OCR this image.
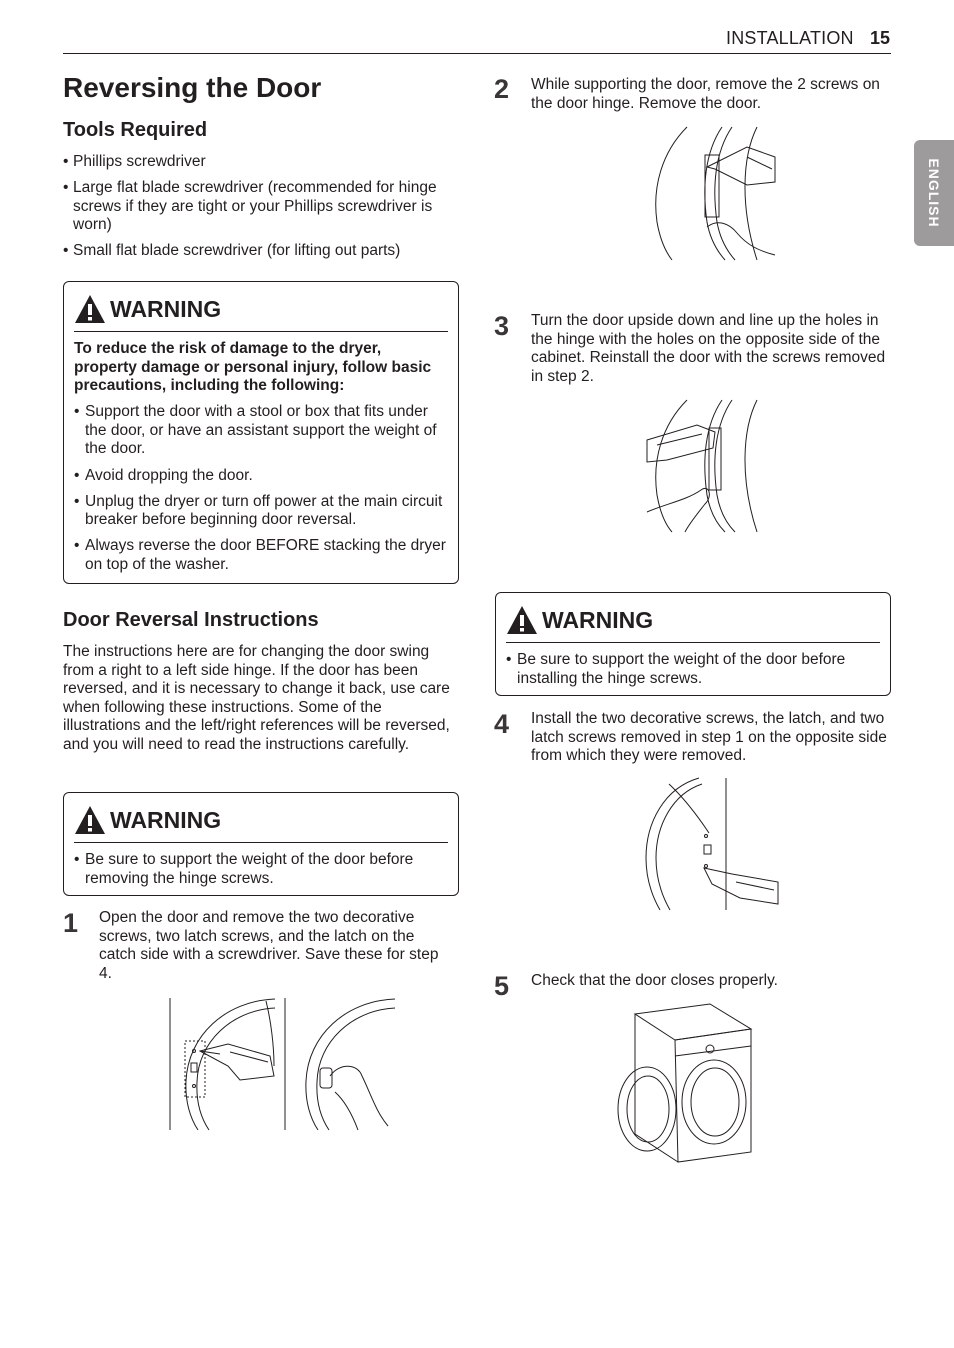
INSTALLATION 15
ENGLISH
Reversing the Door
Tools Required
• Phillips screwdriver
• Large flat blade screwdriver (recommended for hinge screws if they are tight or your Phillips screwdriver is worn)
• Small flat blade screwdriver (for lifting out parts)
WARNING

To reduce the risk of damage to the dryer, property damage or personal injury, follow basic precautions, including the following:

• Support the door with a stool or box that fits under the door, or have an assistant support the weight of the door.
• Avoid dropping the door.
• Unplug the dryer or turn off power at the main circuit breaker before beginning door reversal.
• Always reverse the door BEFORE stacking the dryer on top of the washer.
Door Reversal Instructions
The instructions here are for changing the door swing from a right to a left side hinge. If the door has been reversed, and it is necessary to change it back, use care when following these instructions. Some of the illustrations and the left/right references will be reversed, and you will need to read the instructions carefully.
WARNING
• Be sure to support the weight of the door before removing the hinge screws.
1 Open the door and remove the two decorative screws, two latch screws, and the latch on the catch side with a screwdriver. Save these for step 4.
2 While supporting the door, remove the 2 screws on the door hinge. Remove the door.
3 Turn the door upside down and line up the holes in the hinge with the holes on the opposite side of the cabinet. Reinstall the door with the screws removed in step 2.
WARNING
• Be sure to support the weight of the door before installing the hinge screws.
4 Install the two decorative screws, the latch, and two latch screws removed in step 1 on the opposite side from which they were removed.
5 Check that the door closes properly.
